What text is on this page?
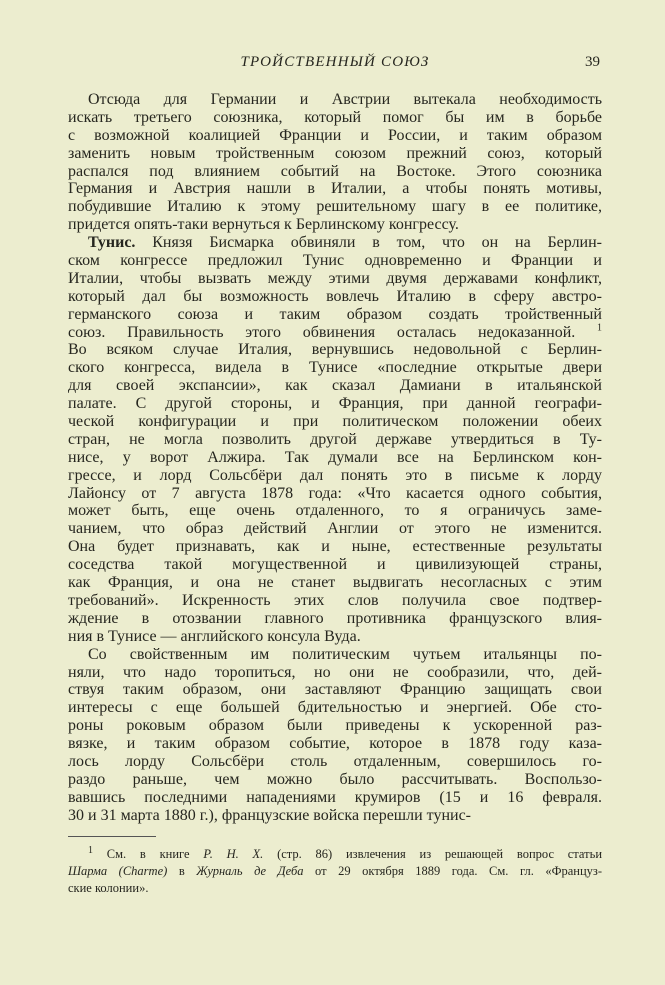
ТРОЙСТВЕННЫЙ СОЮЗ	39
Отсюда для Германии и Австрии вытекала необходимость
искать третьего союзника, который помог бы им в борьбе
с возможной коалицией Франции и России, и таким образом
заменить новым тройственным союзом прежний союз, который
распался под влиянием событий на Востоке. Этого союзника
Германия и Австрия нашли в Италии, а чтобы понять мотивы,
побудившие Италию к этому решительному шагу в ее политике,
придется опять-таки вернуться к Берлинскому конгрессу.
Тунис. Князя Бисмарка обвиняли в том, что он на Берлин-
ском конгрессе предложил Тунис одновременно и Франции и
Италии, чтобы вызвать между этими двумя державами конфликт,
который дал бы возможность вовлечь Италию в сферу австро-
германского союза и таким образом создать тройственный
союз. Правильность этого обвинения осталась недоказанной. $^1$
Во всяком случае Италия, вернувшись недовольной с Берлин-
ского конгресса, видела в Тунисе «последние открытые двери
для своей экспансии», как сказал Дамиани в итальянской
палате. С другой стороны, и Франция, при данной географи-
ческой конфигурации и при политическом положении обеих
стран, не могла позволить другой державе утвердиться в Ту-
нисе, у ворот Алжира. Так думали все на Берлинском кон-
грессе, и лорд Сольсбёри дал понять это в письме к лорду
Лайонсу от 7 августа 1878 года: «Что касается одного события,
может быть, еще очень отдаленного, то я ограничусь заме-
чанием, что образ действий Англии от этого не изменится.
Она будет признавать, как и ныне, естественные результаты
соседства такой могущественной и цивилизующей страны,
как Франция, и она не станет выдвигать несогласных с этим
требований». Искренность этих слов получила свое подтвер-
ждение в отозвании главного противника французского влия-
ния в Тунисе — английского консула Вуда.
Со свойственным им политическим чутьем итальянцы по-
няли, что надо торопиться, но они не сообразили, что, дей-
ствуя таким образом, они заставляют Францию защищать свои
интересы с еще большей бдительностью и энергией. Обе сто-
роны роковым образом были приведены к ускоренной раз-
вязке, и таким образом событие, которое в 1878 году каза-
лось лорду Сольсбёри столь отдаленным, совершилось го-
раздо раньше, чем можно было рассчитывать. Воспользо-
вавшись последними нападениями крумиров (15 и 16 февраля.
30 и 31 марта 1880 г.), французские войска перешли тунис-
$^1$ См. в книге Р. Н. Х. (стр. 86) извлечения из решающей вопрос статьи
Шарма (Charme) в Журналь де Деба от 29 октября 1889 года. См. гл. «Француз-
ские колонии».
